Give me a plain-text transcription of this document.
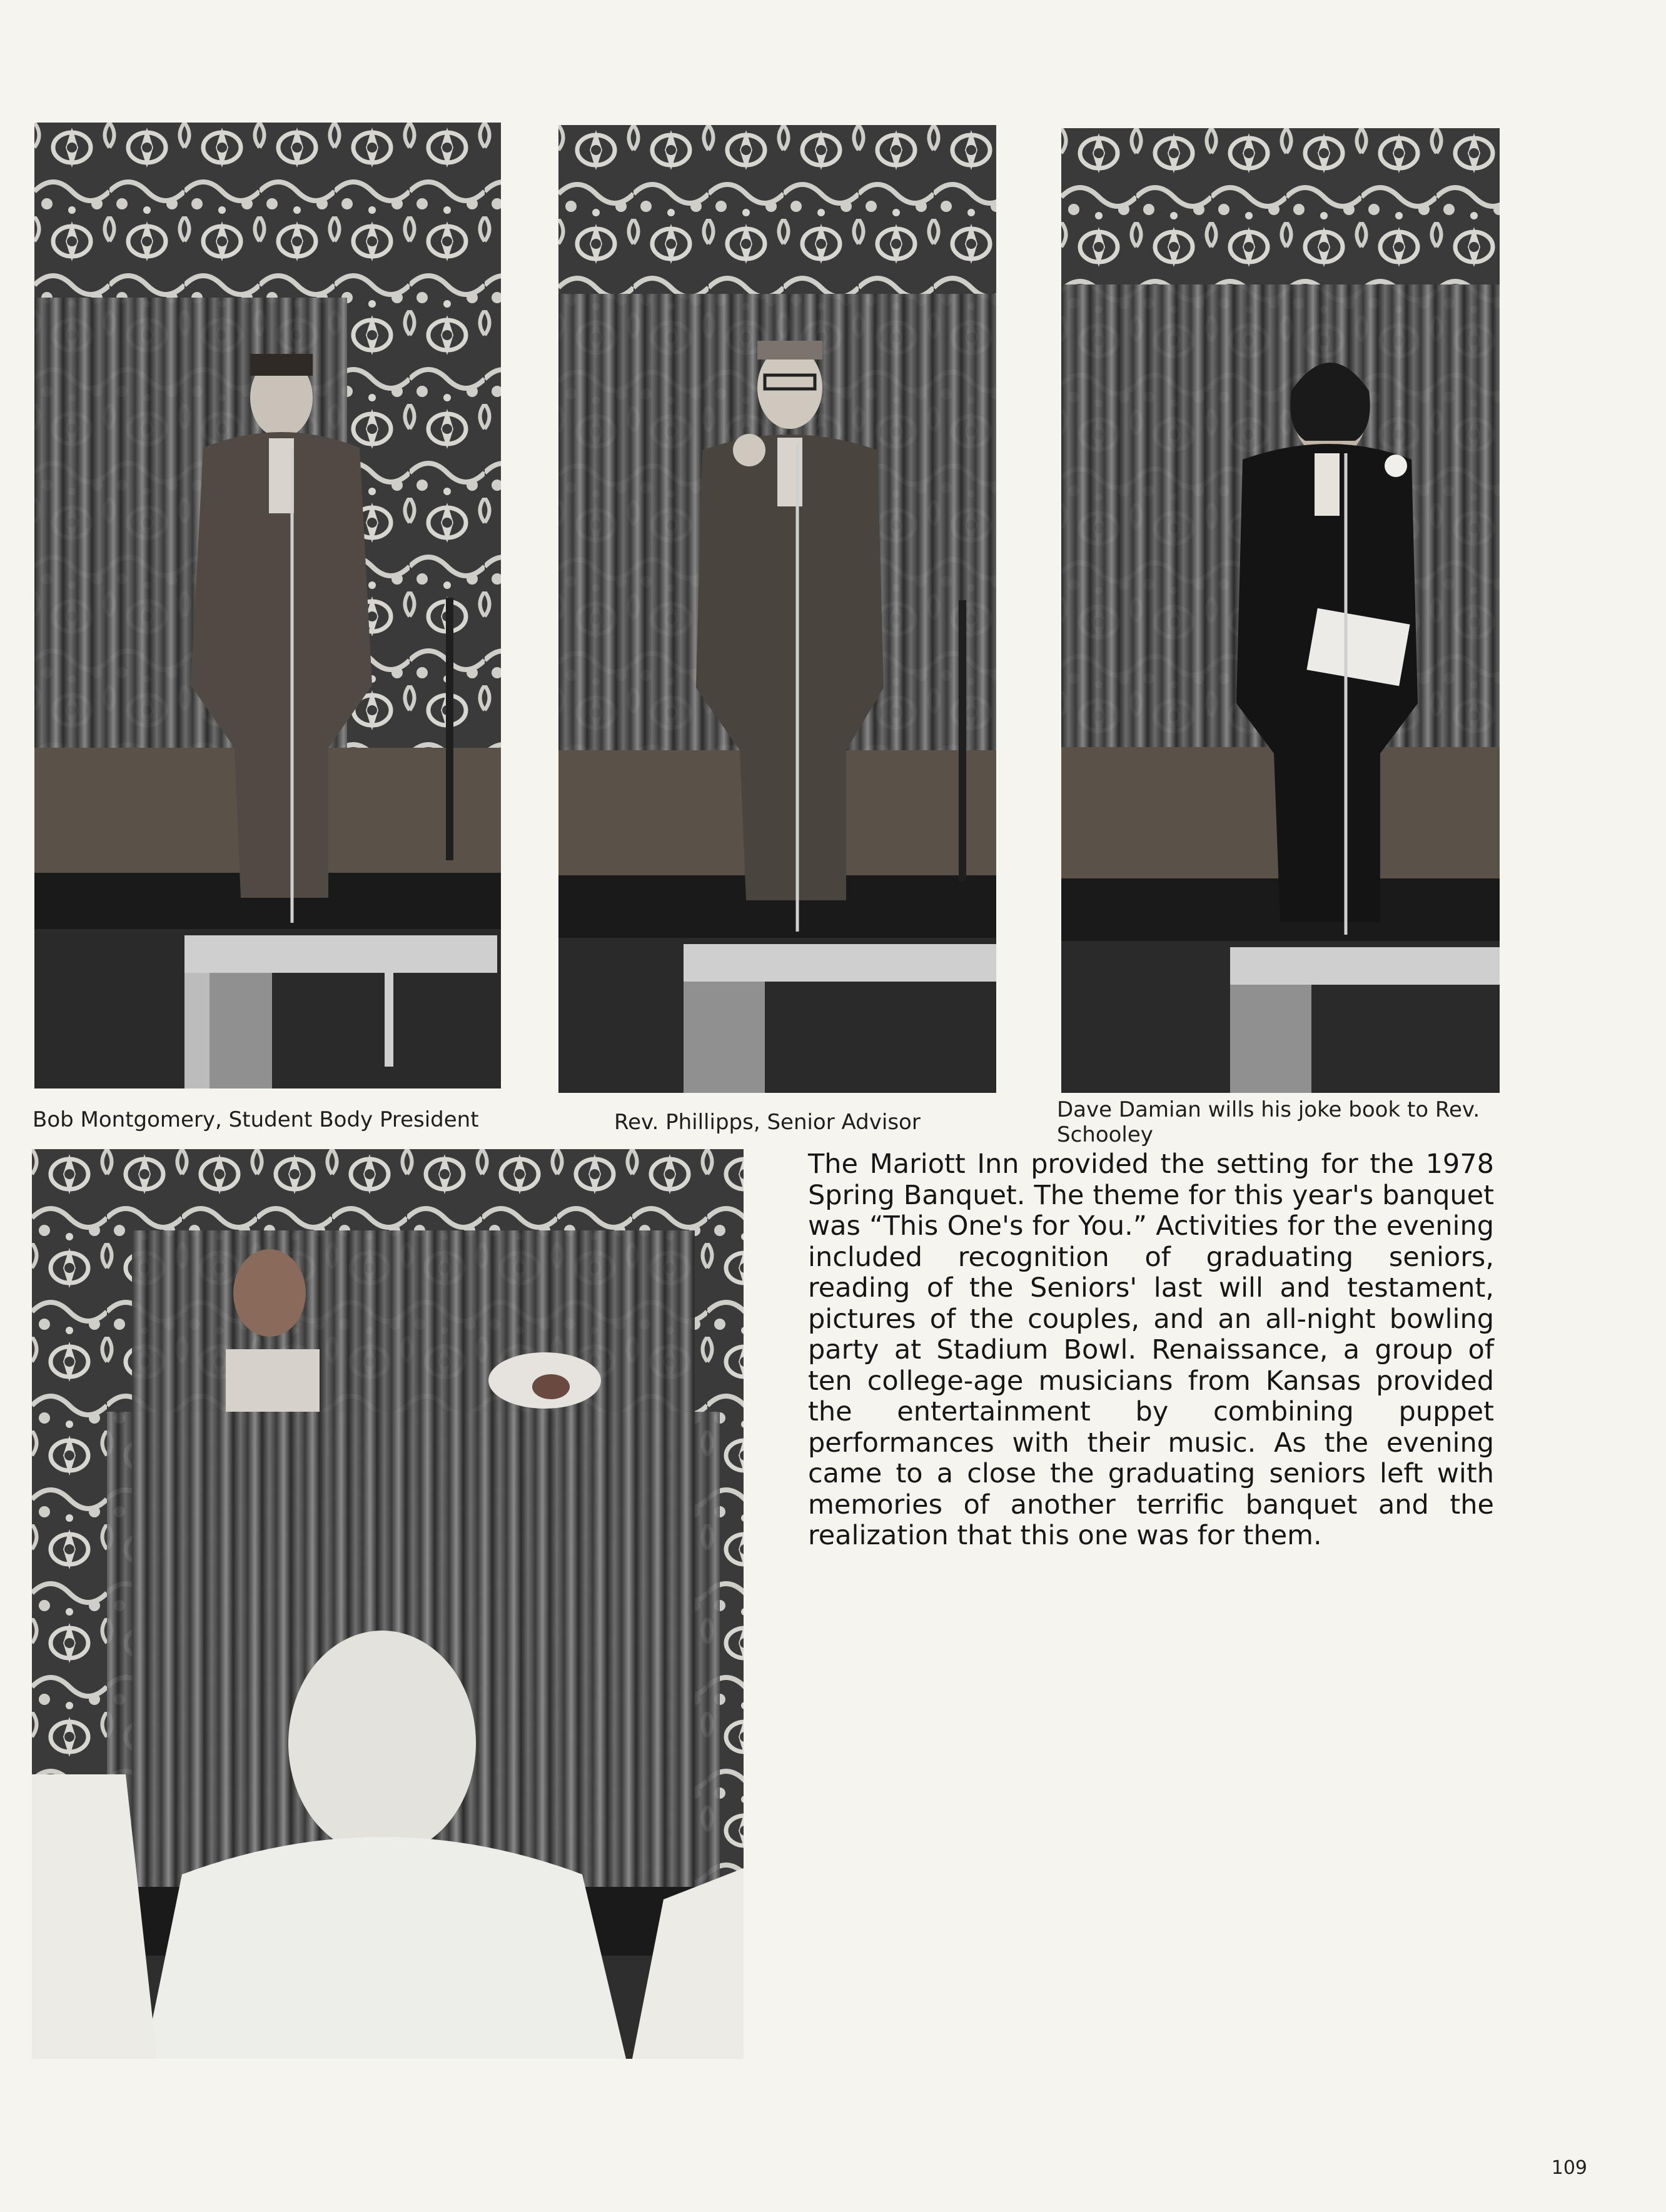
Bob Montgomery, Student Body President	Rev. Phillipps, Senior Advisor	Dave Damian wills his joke book to Rev. Schooley
The Mariott Inn provided the setting for the 1978 Spring Banquet. The theme for this year's banquet was “This One's for You.” Activities for the evening included recognition of graduating seniors, reading of the Seniors' last will and testament, pictures of the couples, and an all-night bowling party at Stadium Bowl. Renaissance, a group of ten college-age musicians from Kansas provided the entertainment by combining puppet performances with their music. As the evening came to a close the graduating seniors left with memories of another terrific banquet and the realization that this one was for them.
109
